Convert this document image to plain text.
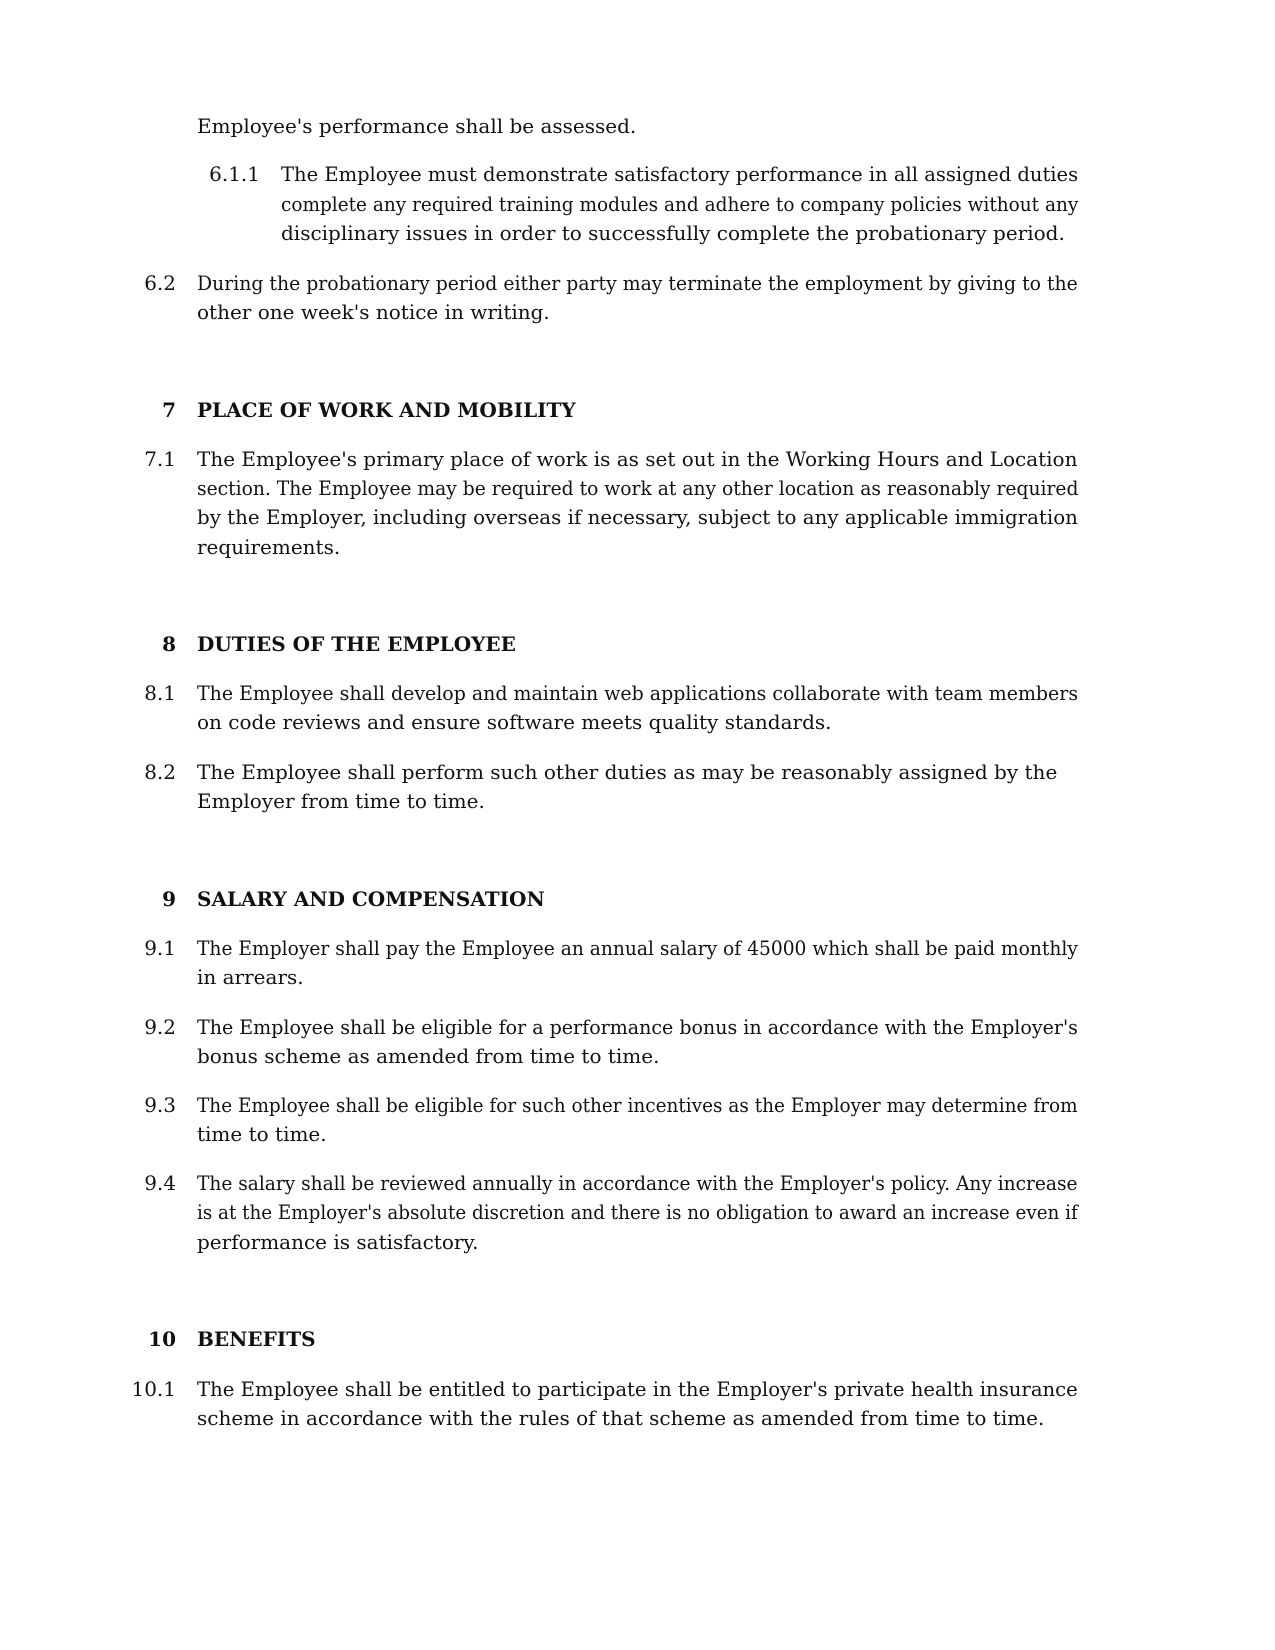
Employee's performance shall be assessed.
6.1.1 The Employee must demonstrate satisfactory performance in all assigned duties
complete any required training modules and adhere to company policies without any
disciplinary issues in order to successfully complete the probationary period.
6.2 During the probationary period either party may terminate the employment by giving to the
other one week's notice in writing.
7 PLACE OF WORK AND MOBILITY
7.1 The Employee's primary place of work is as set out in the Working Hours and Location
section. The Employee may be required to work at any other location as reasonably required
by the Employer, including overseas if necessary, subject to any applicable immigration
requirements.
8 DUTIES OF THE EMPLOYEE
8.1 The Employee shall develop and maintain web applications collaborate with team members
on code reviews and ensure software meets quality standards.
8.2 The Employee shall perform such other duties as may be reasonably assigned by the
Employer from time to time.
9 SALARY AND COMPENSATION
9.1 The Employer shall pay the Employee an annual salary of 45000 which shall be paid monthly
in arrears.
9.2 The Employee shall be eligible for a performance bonus in accordance with the Employer's
bonus scheme as amended from time to time.
9.3 The Employee shall be eligible for such other incentives as the Employer may determine from
time to time.
9.4 The salary shall be reviewed annually in accordance with the Employer's policy. Any increase
is at the Employer's absolute discretion and there is no obligation to award an increase even if
performance is satisfactory.
10 BENEFITS
10.1 The Employee shall be entitled to participate in the Employer's private health insurance
scheme in accordance with the rules of that scheme as amended from time to time.
